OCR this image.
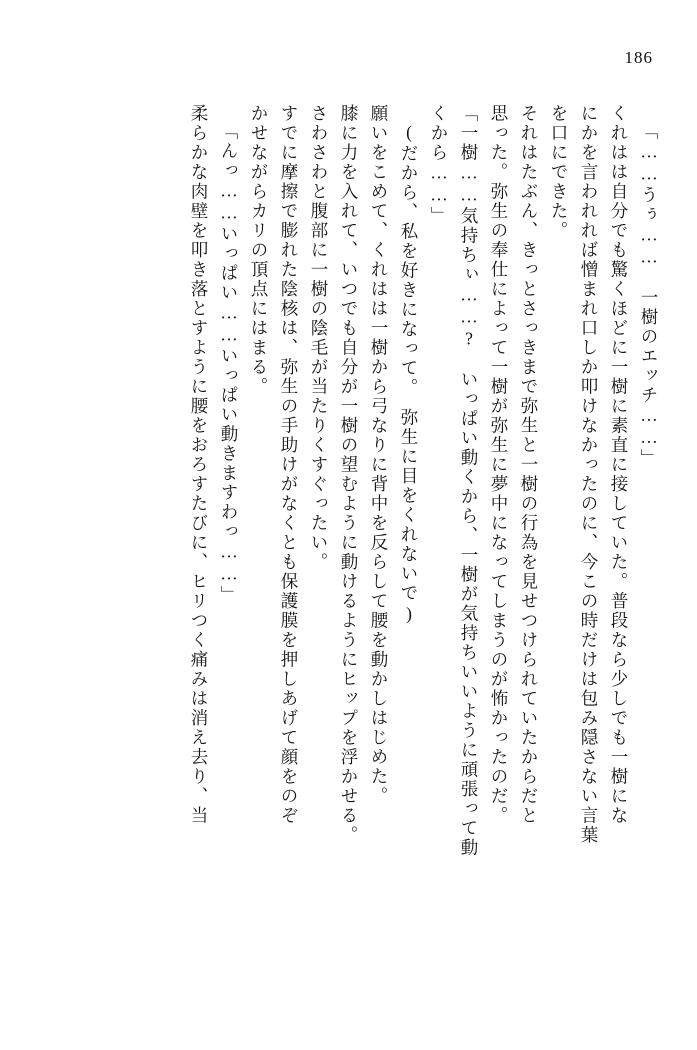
186
「……うぅ……　一樹のエッチ……」
くれはは自分でも驚くほどに一樹に素直に接していた。普段なら少しでも一樹にな
にかを言われれば憎まれ口しか叩けなかったのに、今この時だけは包み隠さない言葉
を口にできた。
それはたぶん、きっとさっきまで弥生と一樹の行為を見せつけられていたからだと
思った。弥生の奉仕によって一樹が弥生に夢中になってしまうのが怖かったのだ。
「一樹……気持ちぃ……?　いっぱい動くから、一樹が気持ちいいように頑張って動
くから……」
(だから、私を好きになって。　弥生に目をくれないで)
願いをこめて、くれはは一樹から弓なりに背中を反らして腰を動かしはじめた。
膝に力を入れて、いつでも自分が一樹の望むように動けるようにヒップを浮かせる。
さわさわと腹部に一樹の陰毛が当たりくすぐったい。
すでに摩擦で膨れた陰核は、弥生の手助けがなくとも保護膜を押しあげて顔をのぞ
かせながらカリの頂点にはまる。
「んっ……いっぱい……いっぱい動きますわっ……」
柔らかな肉壁を叩き落とすように腰をおろすたびに、ヒリつく痛みは消え去り、当
